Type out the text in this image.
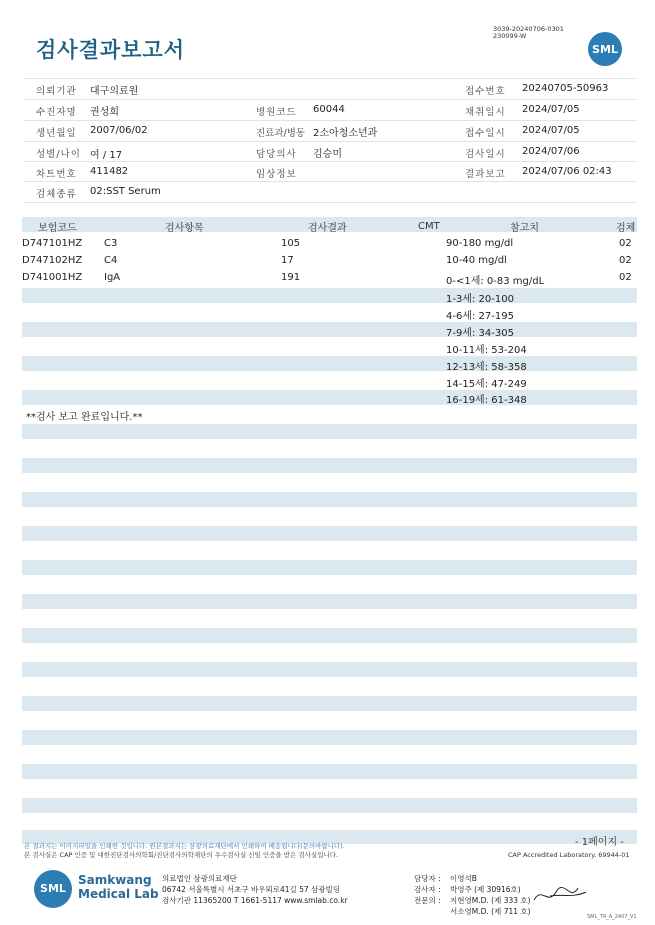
검사결과보고서
3039-20240706-0301
230099-W
SML
의뢰기관 대구의료원	접수번호 20240705-50963
수진자명 권성희	병원코드 60044	채취일시 2024/07/05
생년월일 2007/06/02	진료과/병동 2소아청소년과	접수일시 2024/07/05
성별/나이 여 / 17	담당의사 김승미	검사일시 2024/07/06
차트번호 411482	임상정보	결과보고 2024/07/06 02:43
검체종류 02:SST Serum
보험코드	검사항목	검사결과	CMT	참고치	검체
D747101HZ C3	105	90-180 mg/dl	02
D747102HZ C4	17	10-40 mg/dl	02
D741001HZ IgA	191	0-<1세: 0-83 mg/dL	02
1-3세: 20-100
4-6세: 27-195
7-9세: 34-305
10-11세: 53-204
12-13세: 58-358
14-15세: 47-249
16-19세: 61-348
**검사 보고 완료입니다.**
- 1페이지 -
본 결과지는 이미지파일을 인쇄한 것입니다. 원본결과지는 삼광의료재단에서 인쇄하여 배송됩니다(문의바랍니다).
본 검사실은 CAP 인증 및 대한진단검사의학회/진단검사의학재단의 우수검사실 신임 인증을 받은 검사실입니다.	CAP Accredited Laboratory. 69944-01
SML
Samkwang
Medical Lab
의료법인 삼광의료재단
06742 서울특별시 서초구 바우뫼로41길 57 삼광빌딩
검사기관 11365200 T 1661-5117 www.smlab.co.kr
담당자 : 이영석B
검사자 : 박영주 (제 30916호)
전문의 : 지현영M.D. (제 333 호)
서소영M.D. (제 711 호)
SML_TR_A_2407_V1
